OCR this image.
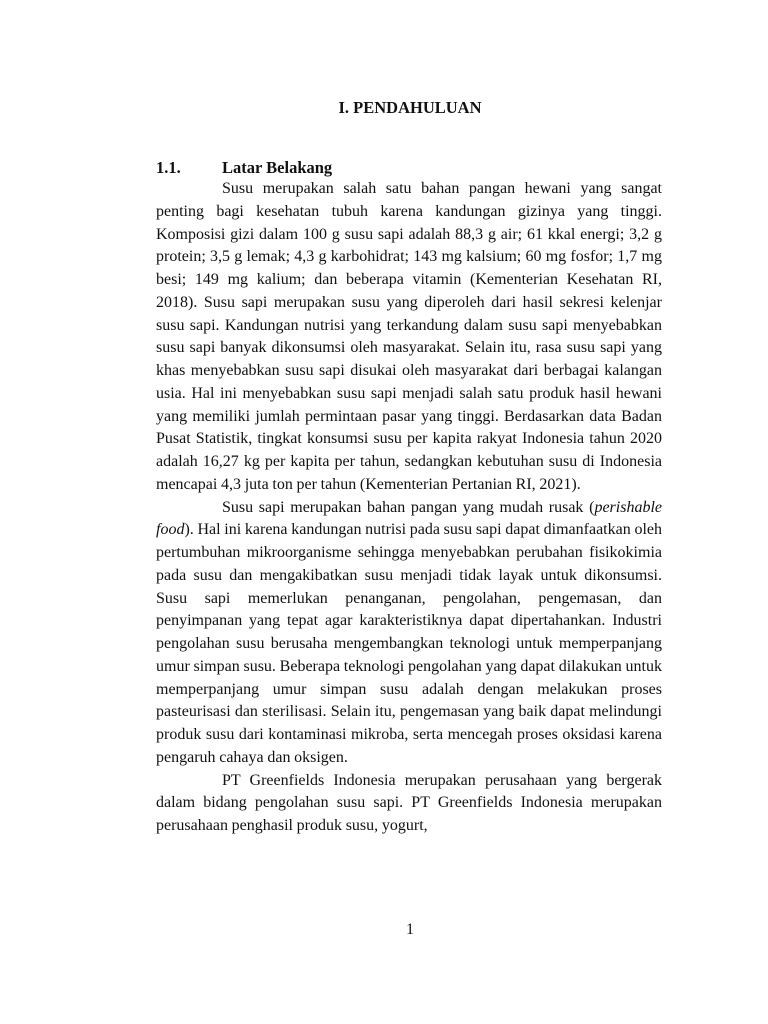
I. PENDAHULUAN
1.1.	Latar Belakang

Susu merupakan salah satu bahan pangan hewani yang sangat penting bagi kesehatan tubuh karena kandungan gizinya yang tinggi. Komposisi gizi dalam 100 g susu sapi adalah 88,3 g air; 61 kkal energi; 3,2 g protein; 3,5 g lemak; 4,3 g karbohidrat; 143 mg kalsium; 60 mg fosfor; 1,7 mg besi; 149 mg kalium; dan beberapa vitamin (Kementerian Kesehatan RI, 2018). Susu sapi merupakan susu yang diperoleh dari hasil sekresi kelenjar susu sapi. Kandungan nutrisi yang terkandung dalam susu sapi menyebabkan susu sapi banyak dikonsumsi oleh masyarakat. Selain itu, rasa susu sapi yang khas menyebabkan susu sapi disukai oleh masyarakat dari berbagai kalangan usia. Hal ini menyebabkan susu sapi menjadi salah satu produk hasil hewani yang memiliki jumlah permintaan pasar yang tinggi. Berdasarkan data Badan Pusat Statistik, tingkat konsumsi susu per kapita rakyat Indonesia tahun 2020 adalah 16,27 kg per kapita per tahun, sedangkan kebutuhan susu di Indonesia mencapai 4,3 juta ton per tahun (Kementerian Pertanian RI, 2021).

Susu sapi merupakan bahan pangan yang mudah rusak (perishable food). Hal ini karena kandungan nutrisi pada susu sapi dapat dimanfaatkan oleh pertumbuhan mikroorganisme sehingga menyebabkan perubahan fisikokimia pada susu dan mengakibatkan susu menjadi tidak layak untuk dikonsumsi. Susu sapi memerlukan penanganan, pengolahan, pengemasan, dan penyimpanan yang tepat agar karakteristiknya dapat dipertahankan. Industri pengolahan susu berusaha mengembangkan teknologi untuk memperpanjang umur simpan susu. Beberapa teknologi pengolahan yang dapat dilakukan untuk memperpanjang umur simpan susu adalah dengan melakukan proses pasteurisasi dan sterilisasi. Selain itu, pengemasan yang baik dapat melindungi produk susu dari kontaminasi mikroba, serta mencegah proses oksidasi karena pengaruh cahaya dan oksigen.

PT Greenfields Indonesia merupakan perusahaan yang bergerak dalam bidang pengolahan susu sapi. PT Greenfields Indonesia merupakan perusahaan penghasil produk susu, yogurt,

1
